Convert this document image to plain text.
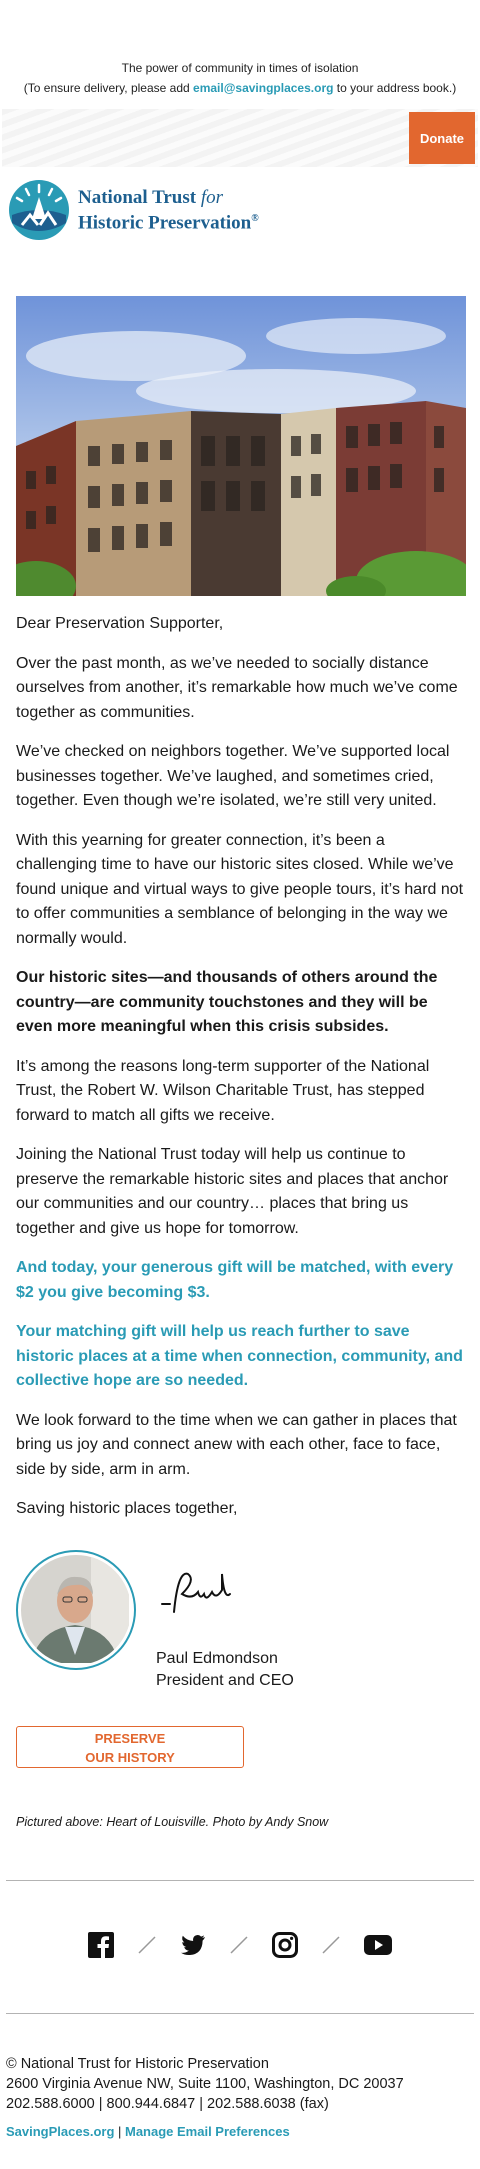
The power of community in times of isolation
(To ensure delivery, please add email@savingplaces.org to your address book.)
Donate
National Trust for
Historic Preservation®

Dear Preservation Supporter,

Over the past month, as we’ve needed to socially distance ourselves from another, it’s remarkable how much we’ve come together as communities.

We’ve checked on neighbors together. We’ve supported local businesses together. We’ve laughed, and sometimes cried, together. Even though we’re isolated, we’re still very united.

With this yearning for greater connection, it’s been a challenging time to have our historic sites closed. While we’ve found unique and virtual ways to give people tours, it’s hard not to offer communities a semblance of belonging in the way we normally would.

Our historic sites—and thousands of others around the country—are community touchstones and they will be even more meaningful when this crisis subsides.

It’s among the reasons long-term supporter of the National Trust, the Robert W. Wilson Charitable Trust, has stepped forward to match all gifts we receive.

Joining the National Trust today will help us continue to preserve the remarkable historic sites and places that anchor our communities and our country… places that bring us together and give us hope for tomorrow.

And today, your generous gift will be matched, with every $2 you give becoming $3.

Your matching gift will help us reach further to save historic places at a time when connection, community, and collective hope are so needed.

We look forward to the time when we can gather in places that bring us joy and connect anew with each other, face to face, side by side, arm in arm.

Saving historic places together,

Paul Edmondson
President and CEO
PRESERVE
OUR HISTORY
Pictured above: Heart of Louisville. Photo by Andy Snow
© National Trust for Historic Preservation
2600 Virginia Avenue NW, Suite 1100, Washington, DC 20037
202.588.6000 | 800.944.6847 | 202.588.6038 (fax)
SavingPlaces.org | Manage Email Preferences
